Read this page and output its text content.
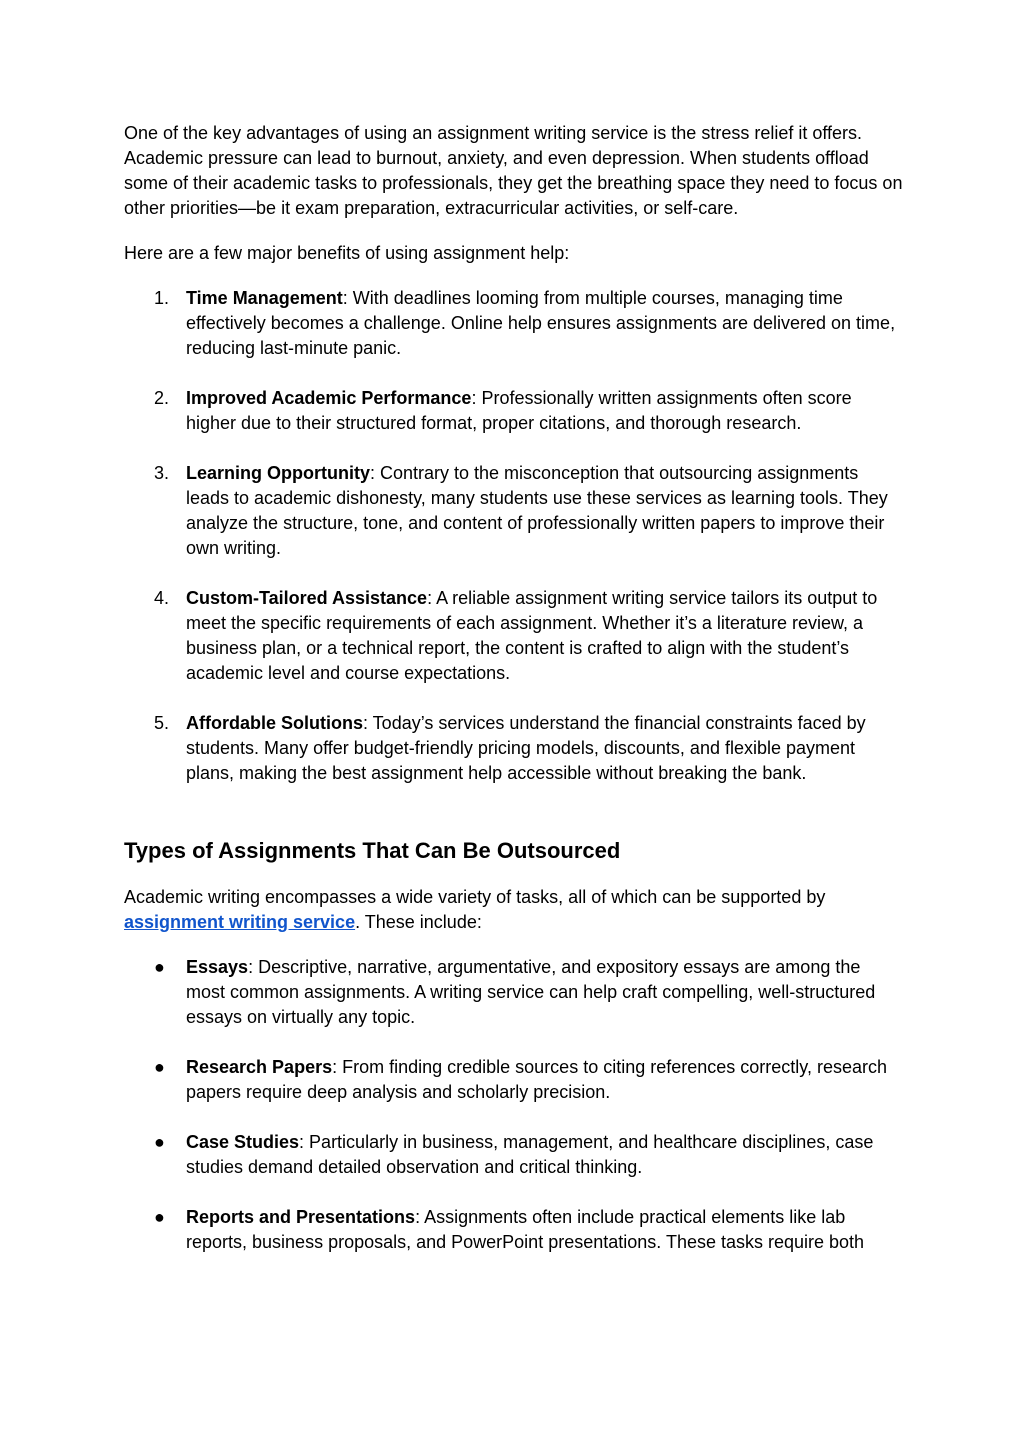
One of the key advantages of using an assignment writing service is the stress relief it offers. Academic pressure can lead to burnout, anxiety, and even depression. When students offload some of their academic tasks to professionals, they get the breathing space they need to focus on other priorities—be it exam preparation, extracurricular activities, or self-care.

Here are a few major benefits of using assignment help:

1. Time Management: With deadlines looming from multiple courses, managing time effectively becomes a challenge. Online help ensures assignments are delivered on time, reducing last-minute panic.
2. Improved Academic Performance: Professionally written assignments often score higher due to their structured format, proper citations, and thorough research.
3. Learning Opportunity: Contrary to the misconception that outsourcing assignments leads to academic dishonesty, many students use these services as learning tools. They analyze the structure, tone, and content of professionally written papers to improve their own writing.
4. Custom-Tailored Assistance: A reliable assignment writing service tailors its output to meet the specific requirements of each assignment. Whether it’s a literature review, a business plan, or a technical report, the content is crafted to align with the student’s academic level and course expectations.
5. Affordable Solutions: Today’s services understand the financial constraints faced by students. Many offer budget-friendly pricing models, discounts, and flexible payment plans, making the best assignment help accessible without breaking the bank.
Types of Assignments That Can Be Outsourced

Academic writing encompasses a wide variety of tasks, all of which can be supported by assignment writing service. These include:

● Essays: Descriptive, narrative, argumentative, and expository essays are among the most common assignments. A writing service can help craft compelling, well-structured essays on virtually any topic.
● Research Papers: From finding credible sources to citing references correctly, research papers require deep analysis and scholarly precision.
● Case Studies: Particularly in business, management, and healthcare disciplines, case studies demand detailed observation and critical thinking.
● Reports and Presentations: Assignments often include practical elements like lab reports, business proposals, and PowerPoint presentations. These tasks require both
